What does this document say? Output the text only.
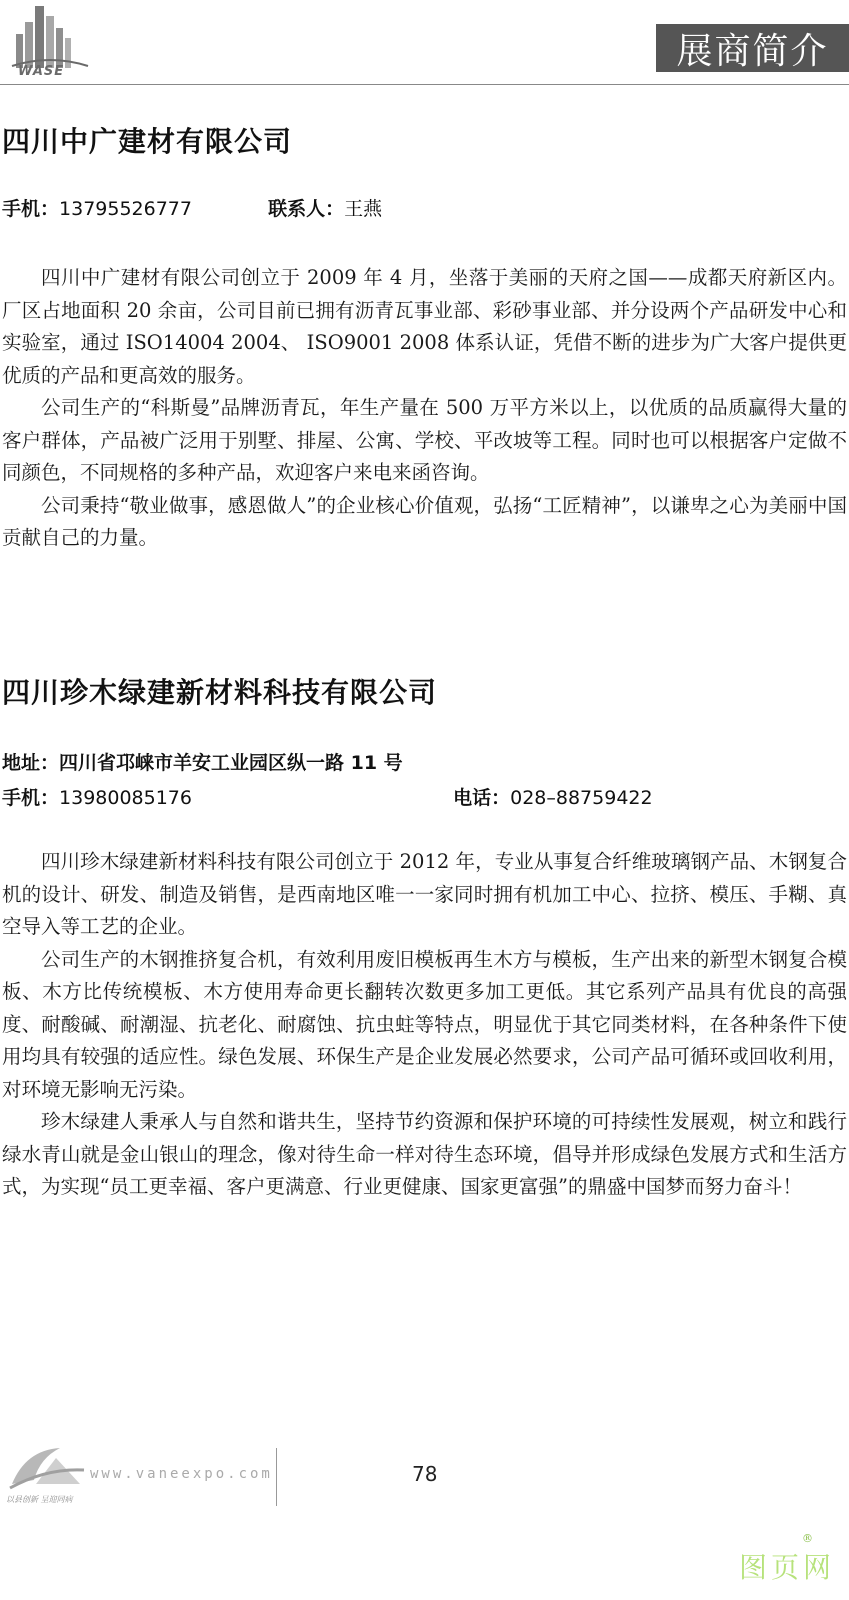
WASE	展商简介
四川中广建材有限公司
手机：13795526777	联系人：王燕

四川中广建材有限公司创立于 2009 年 4 月，坐落于美丽的天府之国——成都天府新区内。厂区占地面积 20 余亩，公司目前已拥有沥青瓦事业部、彩砂事业部、并分设两个产品研发中心和实验室，通过 ISO14004 2004、 ISO9001 2008 体系认证，凭借不断的进步为广大客户提供更优质的产品和更高效的服务。

公司生产的“科斯曼”品牌沥青瓦，年生产量在 500 万平方米以上，以优质的品质赢得大量的客户群体，产品被广泛用于别墅、排屋、公寓、学校、平改坡等工程。同时也可以根据客户定做不同颜色，不同规格的多种产品，欢迎客户来电来函咨询。

公司秉持“敬业做事，感恩做人”的企业核心价值观，弘扬“工匠精神”，以谦卑之心为美丽中国贡献自己的力量。

四川珍木绿建新材料科技有限公司
地址：四川省邛崃市羊安工业园区纵一路 11 号
手机：13980085176	电话：028–88759422

四川珍木绿建新材料科技有限公司创立于 2012 年，专业从事复合纤维玻璃钢产品、木钢复合机的设计、研发、制造及销售，是西南地区唯一一家同时拥有机加工中心、拉挤、模压、手糊、真空导入等工艺的企业。

公司生产的木钢推挤复合机，有效利用废旧模板再生木方与模板，生产出来的新型木钢复合模板、木方比传统模板、木方使用寿命更长翻转次数更多加工更低。其它系列产品具有优良的高强度、耐酸碱、耐潮湿、抗老化、耐腐蚀、抗虫蛀等特点，明显优于其它同类材料，在各种条件下使用均具有较强的适应性。绿色发展、环保生产是企业发展必然要求，公司产品可循环或回收利用，对环境无影响无污染。

珍木绿建人秉承人与自然和谐共生，坚持节约资源和保护环境的可持续性发展观，树立和践行绿水青山就是金山银山的理念，像对待生命一样对待生态环境，倡导并形成绿色发展方式和生活方式，为实现“员工更幸福、客户更满意、行业更健康、国家更富强”的鼎盛中国梦而努力奋斗！

以县创新 呈迎同病
www.vaneexpo.com	78
®
图页网
